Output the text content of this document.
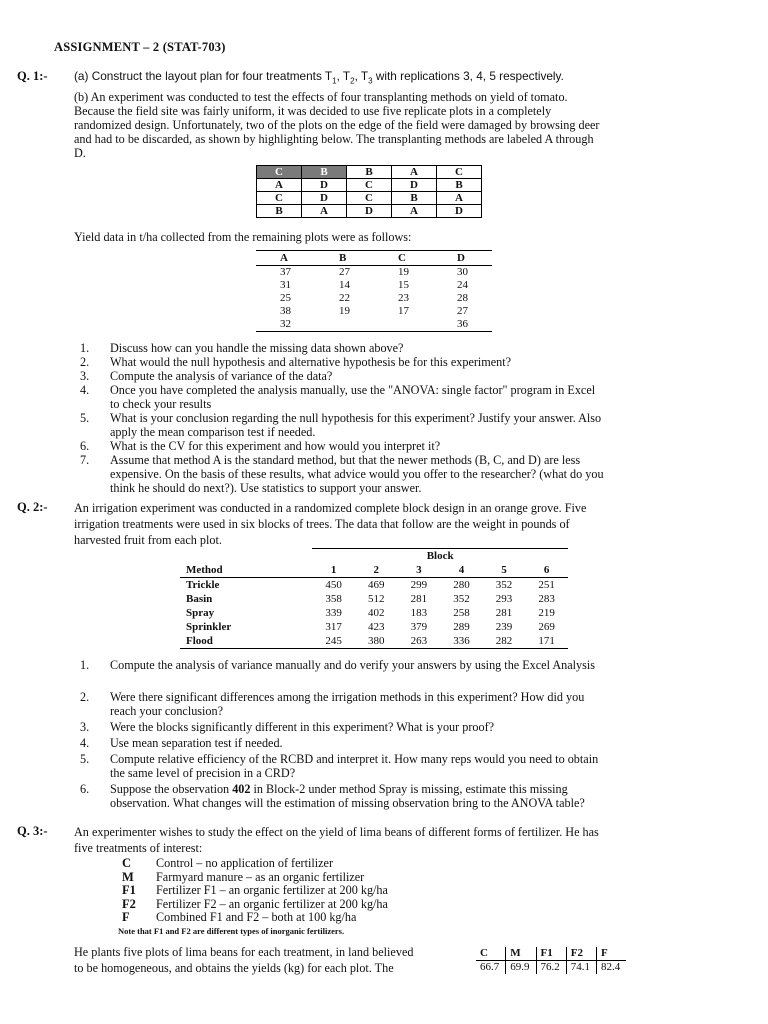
ASSIGNMENT – 2 (STAT-703)
Q. 1:- (a) Construct the layout plan for four treatments $T_1$, $T_2$, $T_3$ with replications 3, 4, 5 respectively.
(b) An experiment was conducted to test the effects of four transplanting methods on yield of tomato.
Because the field site was fairly uniform, it was decided to use five replicate plots in a completely
randomized design. Unfortunately, two of the plots on the edge of the field were damaged by browsing deer
and had to be discarded, as shown by highlighting below. The transplanting methods are labeled A through
D.
C	B	B	A	C
A	D	C	D	B
C	D	C	B	A
B	A	D	A	D
Yield data in t/ha collected from the remaining plots were as follows:
A	B	C	D
37	27	19	30
31	14	15	24
25	22	23	28
38	19	17	27
32			36
1. Discuss how can you handle the missing data shown above?
2. What would the null hypothesis and alternative hypothesis be for this experiment?
3. Compute the analysis of variance of the data?
4. Once you have completed the analysis manually, use the "ANOVA: single factor" program in Excel
to check your results
5. What is your conclusion regarding the null hypothesis for this experiment? Justify your answer. Also
apply the mean comparison test if needed.
6. What is the CV for this experiment and how would you interpret it?
7. Assume that method A is the standard method, but that the newer methods (B, C, and D) are less
expensive. On the basis of these results, what advice would you offer to the researcher? (what do you
think he should do next?). Use statistics to support your answer.
Q. 2:- An irrigation experiment was conducted in a randomized complete block design in an orange grove. Five
irrigation treatments were used in six blocks of trees. The data that follow are the weight in pounds of
harvested fruit from each plot.
	Block					
Method	1	2	3	4	5	6
Trickle	450	469	299	280	352	251
Basin	358	512	281	352	293	283
Spray	339	402	183	258	281	219
Sprinkler	317	423	379	289	239	269
Flood	245	380	263	336	282	171
1. Compute the analysis of variance manually and do verify your answers by using the Excel Analysis
2. Were there significant differences among the irrigation methods in this experiment? How did you
reach your conclusion?
3. Were the blocks significantly different in this experiment? What is your proof?
4. Use mean separation test if needed.
5. Compute relative efficiency of the RCBD and interpret it. How many reps would you need to obtain
the same level of precision in a CRD?
6. Suppose the observation 402 in Block-2 under method Spray is missing, estimate this missing
observation. What changes will the estimation of missing observation bring to the ANOVA table?
Q. 3:- An experimenter wishes to study the effect on the yield of lima beans of different forms of fertilizer. He has
five treatments of interest:
C Control – no application of fertilizer
M Farmyard manure – as an organic fertilizer
F1 Fertilizer F1 – an organic fertilizer at 200 kg/ha
F2 Fertilizer F2 – an organic fertilizer at 200 kg/ha
F Combined F1 and F2 – both at 100 kg/ha
Note that F1 and F2 are different types of inorganic fertilizers.
He plants five plots of lima beans for each treatment, in land believed
to be homogeneous, and obtains the yields (kg) for each plot. The
C	M	F1	F2	F
66.7	69.9	76.2	74.1	82.4
